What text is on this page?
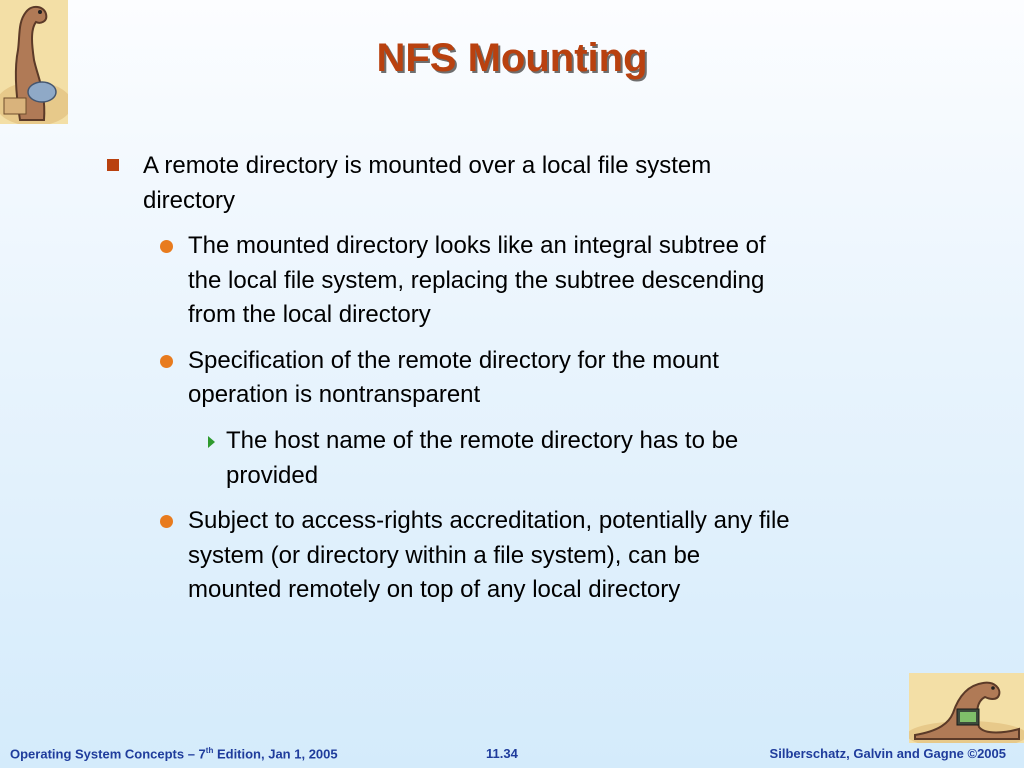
NFS Mounting
A remote directory is mounted over a local file system
directory
The mounted directory looks like an integral subtree of
the local file system, replacing the subtree descending
from the local directory
Specification of the remote directory for the mount
operation is nontransparent
The host name of the remote directory has to be
provided
Subject to access-rights accreditation, potentially any file
system (or directory within a file system), can be
mounted remotely on top of any local directory
Operating System Concepts – 7th Edition, Jan 1, 2005	11.34	Silberschatz, Galvin and Gagne ©2005
